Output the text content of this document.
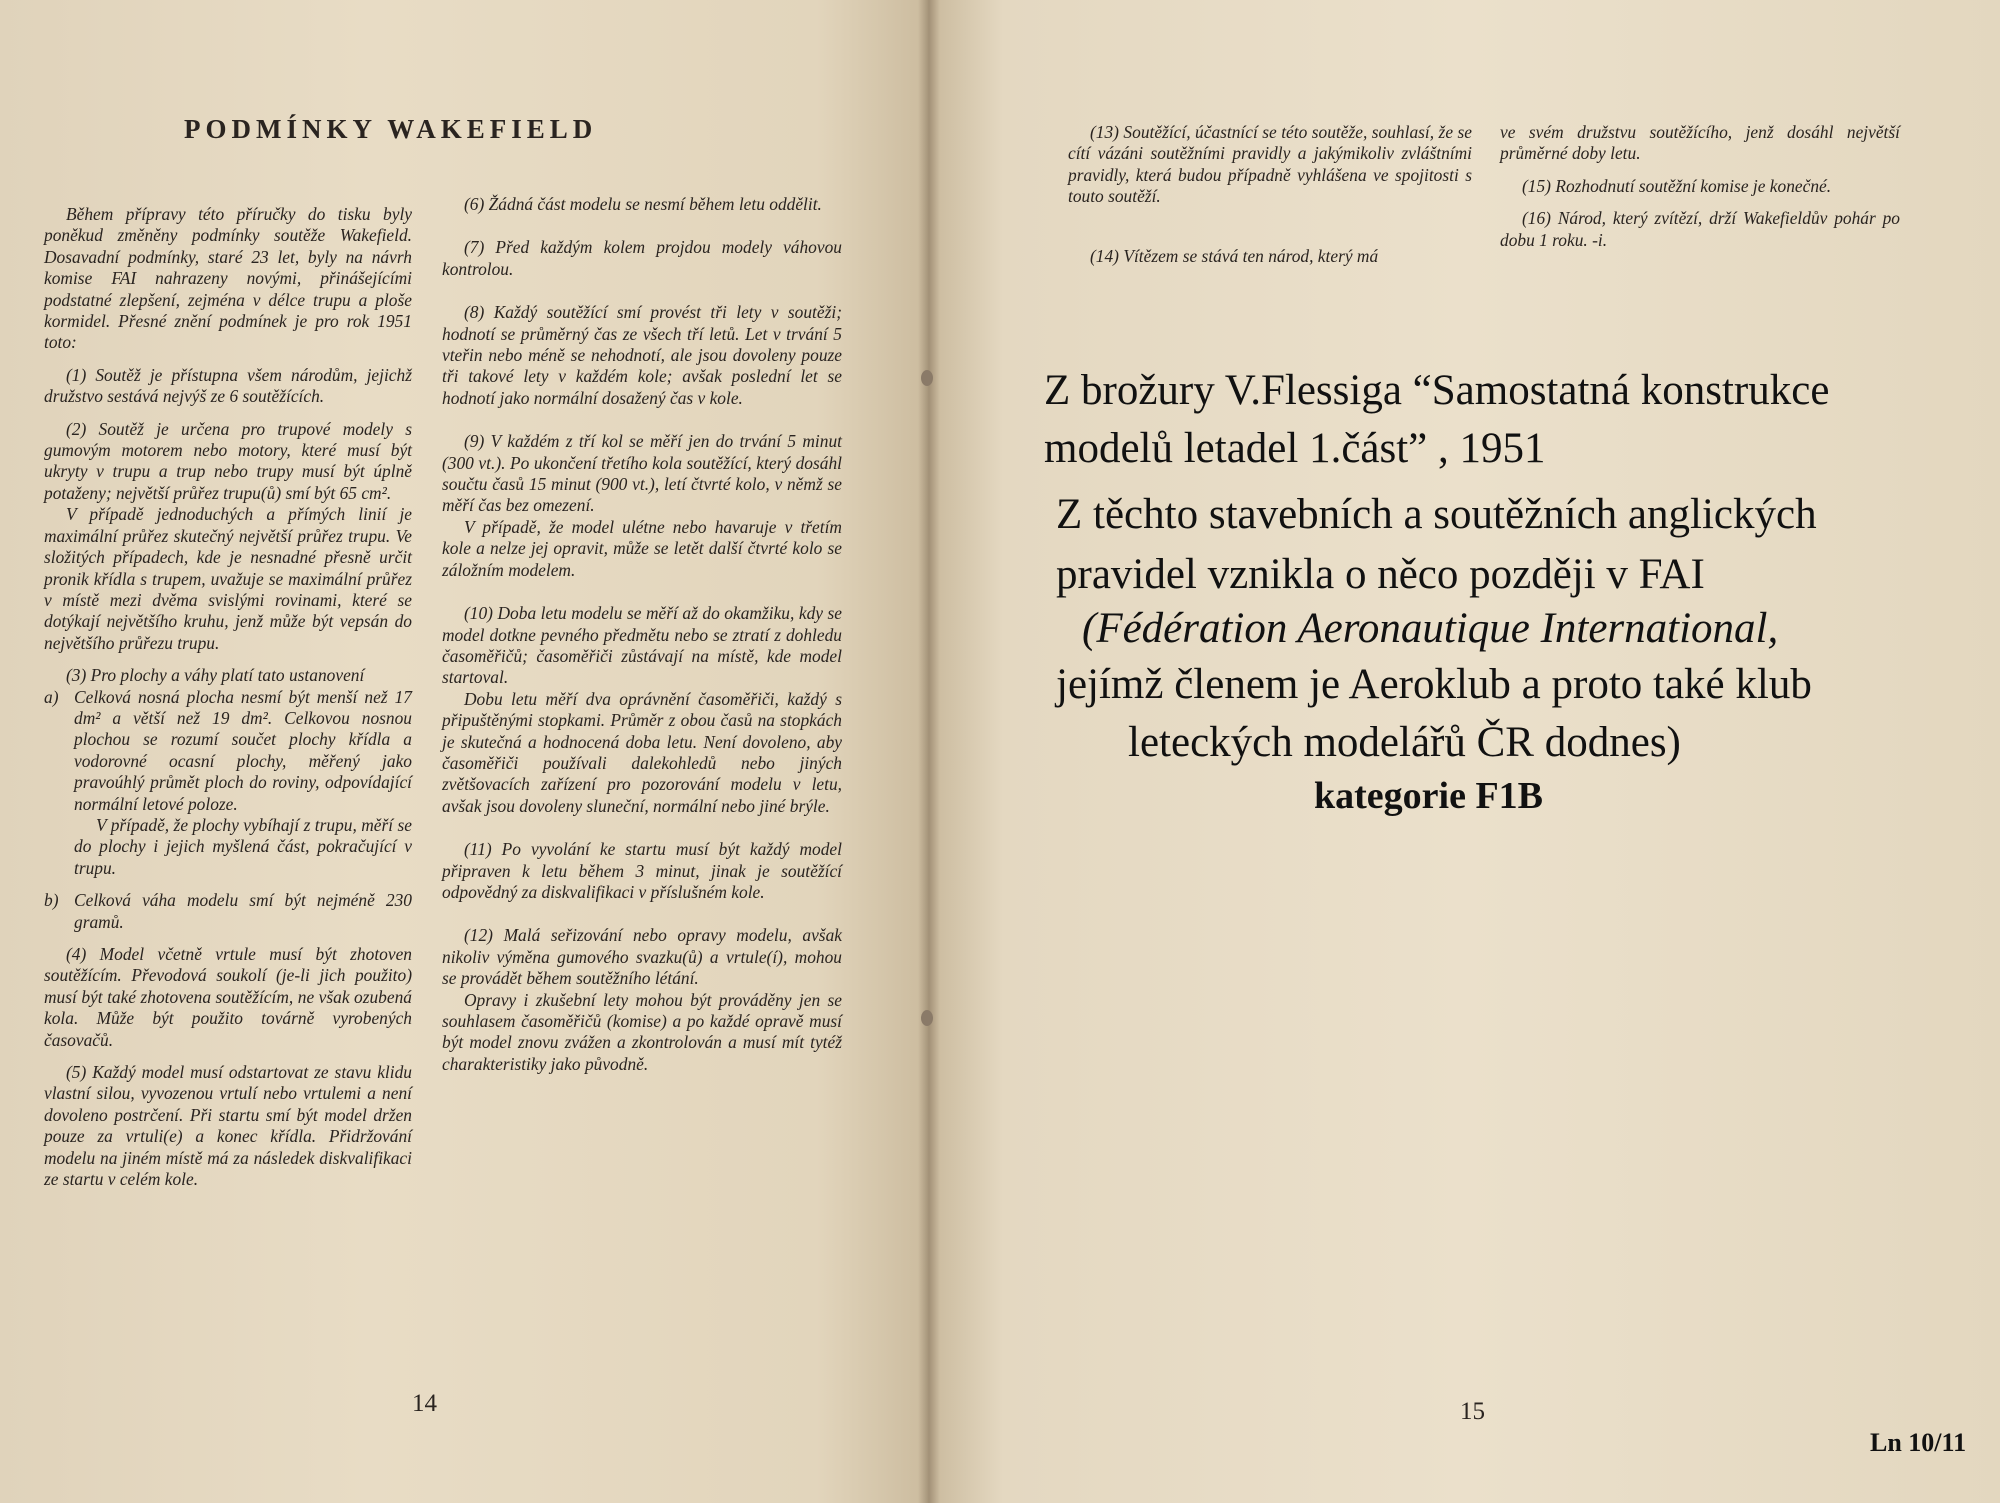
PODMÍNKY WAKEFIELD

Během přípravy této příručky do tisku byly poněkud změněny podmínky soutěže Wakefield. Dosavadní podmínky, staré 23 let, byly na návrh komise FAI nahrazeny novými, přinášejícími podstatné zlepšení, zejména v délce trupu a ploše kormidel. Přesné znění podmínek je pro rok 1951 toto:

(1) Soutěž je přístupna všem národům, jejichž družstvo sestává nejvýš ze 6 soutěžících.

(2) Soutěž je určena pro trupové modely s gumovým motorem nebo motory, které musí být ukryty v trupu a trup nebo trupy musí být úplně potaženy; největší průřez trupu(ů) smí být 65 cm².

V případě jednoduchých a přímých linií je maximální průřez skutečný největší průřez trupu. Ve složitých případech, kde je nesnadné přesně určit pronik křídla s trupem, uvažuje se maximální průřez v místě mezi dvěma svislými rovinami, které se dotýkají největšího kruhu, jenž může být vepsán do největšího průřezu trupu.

(3) Pro plochy a váhy platí tato ustanovení

a) Celková nosná plocha nesmí být menší než 17 dm² a větší než 19 dm². Celkovou nosnou plochou se rozumí součet plochy křídla a vodorovné ocasní plochy, měřený jako pravoúhlý průmět ploch do roviny, odpovídající normální letové poloze.

V případě, že plochy vybíhají z trupu, měří se do plochy i jejich myšlená část, pokračující v trupu.

b) Celková váha modelu smí být nejméně 230 gramů.

(4) Model včetně vrtule musí být zhotoven soutěžícím. Převodová soukolí (je-li jich použito) musí být také zhotovena soutěžícím, ne však ozubená kola. Může být použito továrně vyrobených časovačů.

(5) Každý model musí odstartovat ze stavu klidu vlastní silou, vyvozenou vrtulí nebo vrtulemi a není dovoleno postrčení. Při startu smí být model držen pouze za vrtuli(e) a konec křídla. Přidržování modelu na jiném místě má za následek diskvalifikaci ze startu v celém kole.

(6) Žádná část modelu se nesmí během letu oddělit.

(7) Před každým kolem projdou modely váhovou kontrolou.

(8) Každý soutěžící smí provést tři lety v soutěži; hodnotí se průměrný čas ze všech tří letů. Let v trvání 5 vteřin nebo méně se nehodnotí, ale jsou dovoleny pouze tři takové lety v každém kole; avšak poslední let se hodnotí jako normální dosažený čas v kole.

(9) V každém z tří kol se měří jen do trvání 5 minut (300 vt.). Po ukončení třetího kola soutěžící, který dosáhl součtu časů 15 minut (900 vt.), letí čtvrté kolo, v němž se měří čas bez omezení.

V případě, že model ulétne nebo havaruje v třetím kole a nelze jej opravit, může se letět další čtvrté kolo se záložním modelem.

(10) Doba letu modelu se měří až do okamžiku, kdy se model dotkne pevného předmětu nebo se ztratí z dohledu časoměřičů; časoměřiči zůstávají na místě, kde model startoval.

Dobu letu měří dva oprávnění časoměřiči, každý s připuštěnými stopkami. Průměr z obou časů na stopkách je skutečná a hodnocená doba letu. Není dovoleno, aby časoměřiči používali dalekohledů nebo jiných zvětšovacích zařízení pro pozorování modelu v letu, avšak jsou dovoleny sluneční, normální nebo jiné brýle.

(11) Po vyvolání ke startu musí být každý model připraven k letu během 3 minut, jinak je soutěžící odpovědný za diskvalifikaci v příslušném kole.

(12) Malá seřizování nebo opravy modelu, avšak nikoliv výměna gumového svazku(ů) a vrtule(í), mohou se provádět během soutěžního létání.

Opravy i zkušební lety mohou být prováděny jen se souhlasem časoměřičů (komise) a po každé opravě musí být model znovu zvážen a zkontrolován a musí mít tytéž charakteristiky jako původně.

14

(13) Soutěžící, účastnící se této soutěže, souhlasí, že se cítí vázáni soutěžními pravidly a jakýmikoliv zvláštními pravidly, která budou případně vyhlášena ve spojitosti s touto soutěží.

(14) Vítězem se stává ten národ, který má

ve svém družstvu soutěžícího, jenž dosáhl největší průměrné doby letu.

(15) Rozhodnutí soutěžní komise je konečné.

(16) Národ, který zvítězí, drží Wakefieldův pohár po dobu 1 roku. -i.

Z brožury V.Flessiga “Samostatná konstrukce
modelů letadel 1.část” , 1951
Z těchto stavebních a soutěžních anglických
pravidel vznikla o něco později v FAI
(Fédération Aeronautique International,
jejímž členem je Aeroklub a proto také klub
leteckých modelářů ČR dodnes)
kategorie F1B
15
Ln 10/11
